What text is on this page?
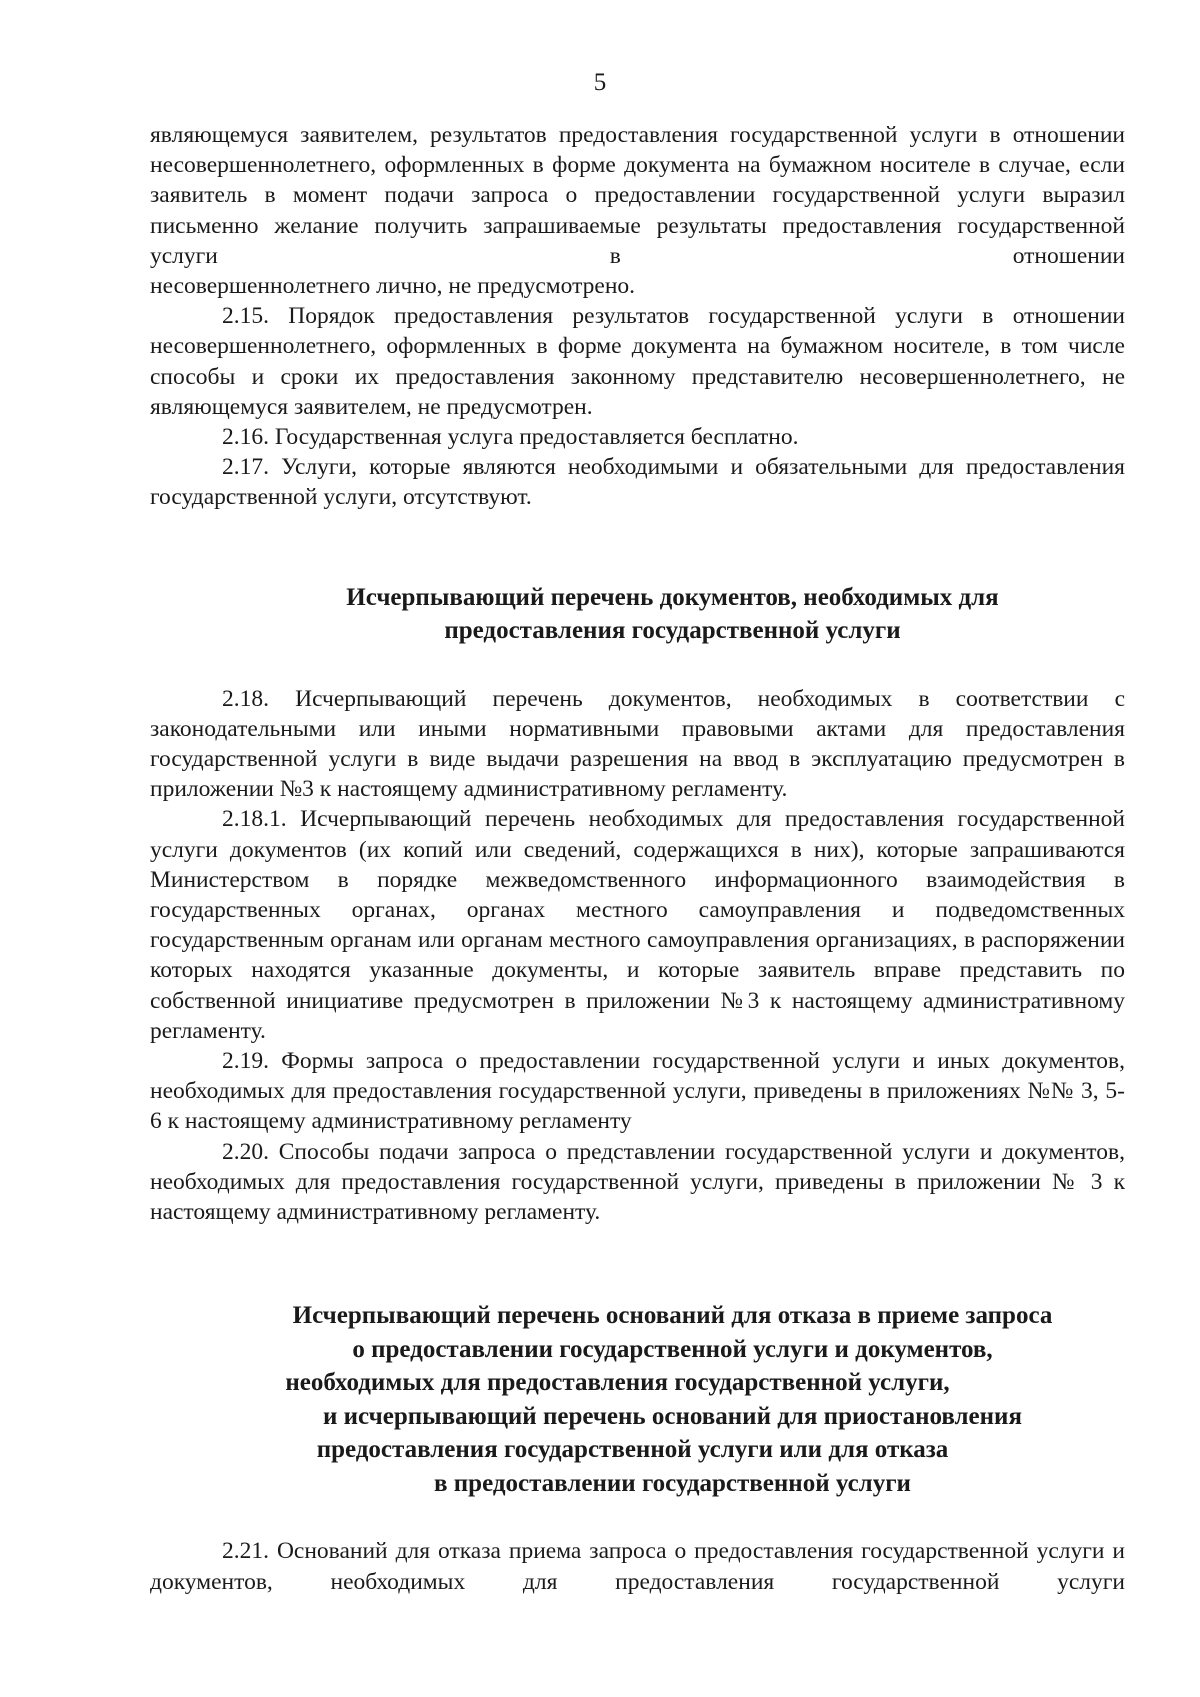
5

являющемуся заявителем, результатов предоставления государственной услуги в отношении несовершеннолетнего, оформленных в форме документа на бумажном носителе в случае, если заявитель в момент подачи запроса о предоставлении государственной услуги выразил письменно желание получить запрашиваемые результаты предоставления государственной услуги в отношении

несовершеннолетнего лично, не предусмотрено.

2.15. Порядок предоставления результатов государственной услуги в отношении несовершеннолетнего, оформленных в форме документа на бумажном носителе, в том числе способы и сроки их предоставления законному представителю несовершеннолетнего, не являющемуся заявителем, не предусмотрен.

2.16. Государственная услуга предоставляется бесплатно.

2.17. Услуги, которые являются необходимыми и обязательными для предоставления государственной услуги, отсутствуют.

Исчерпывающий перечень документов, необходимых для
предоставления государственной услуги

2.18. Исчерпывающий перечень документов, необходимых в соответствии с законодательными или иными нормативными правовыми актами для предоставления государственной услуги в виде выдачи разрешения на ввод в эксплуатацию предусмотрен в приложении №3 к настоящему административному регламенту.

2.18.1. Исчерпывающий перечень необходимых для предоставления государственной услуги документов (их копий или сведений, содержащихся в них), которые запрашиваются Министерством в порядке межведомственного информационного взаимодействия в государственных органах, органах местного самоуправления и подведомственных государственным органам или органам местного самоуправления организациях, в распоряжении которых находятся указанные документы, и которые заявитель вправе представить по собственной инициативе предусмотрен в приложении №3 к настоящему административному регламенту.

2.19. Формы запроса о предоставлении государственной услуги и иных документов, необходимых для предоставления государственной услуги, приведены в приложениях №№ 3, 5-6 к настоящему административному регламенту

2.20. Способы подачи запроса о представлении государственной услуги и документов, необходимых для предоставления государственной услуги, приведены в приложении № 3 к настоящему административному регламенту.

Исчерпывающий перечень оснований для отказа в приеме запроса
о предоставлении государственной услуги и документов,
необходимых для предоставления государственной услуги,
и исчерпывающий перечень оснований для приостановления
предоставления государственной услуги или для отказа
в предоставлении государственной услуги

2.21. Оснований для отказа приема запроса о предоставления государственной услуги и документов, необходимых для предоставления государственной услуги
